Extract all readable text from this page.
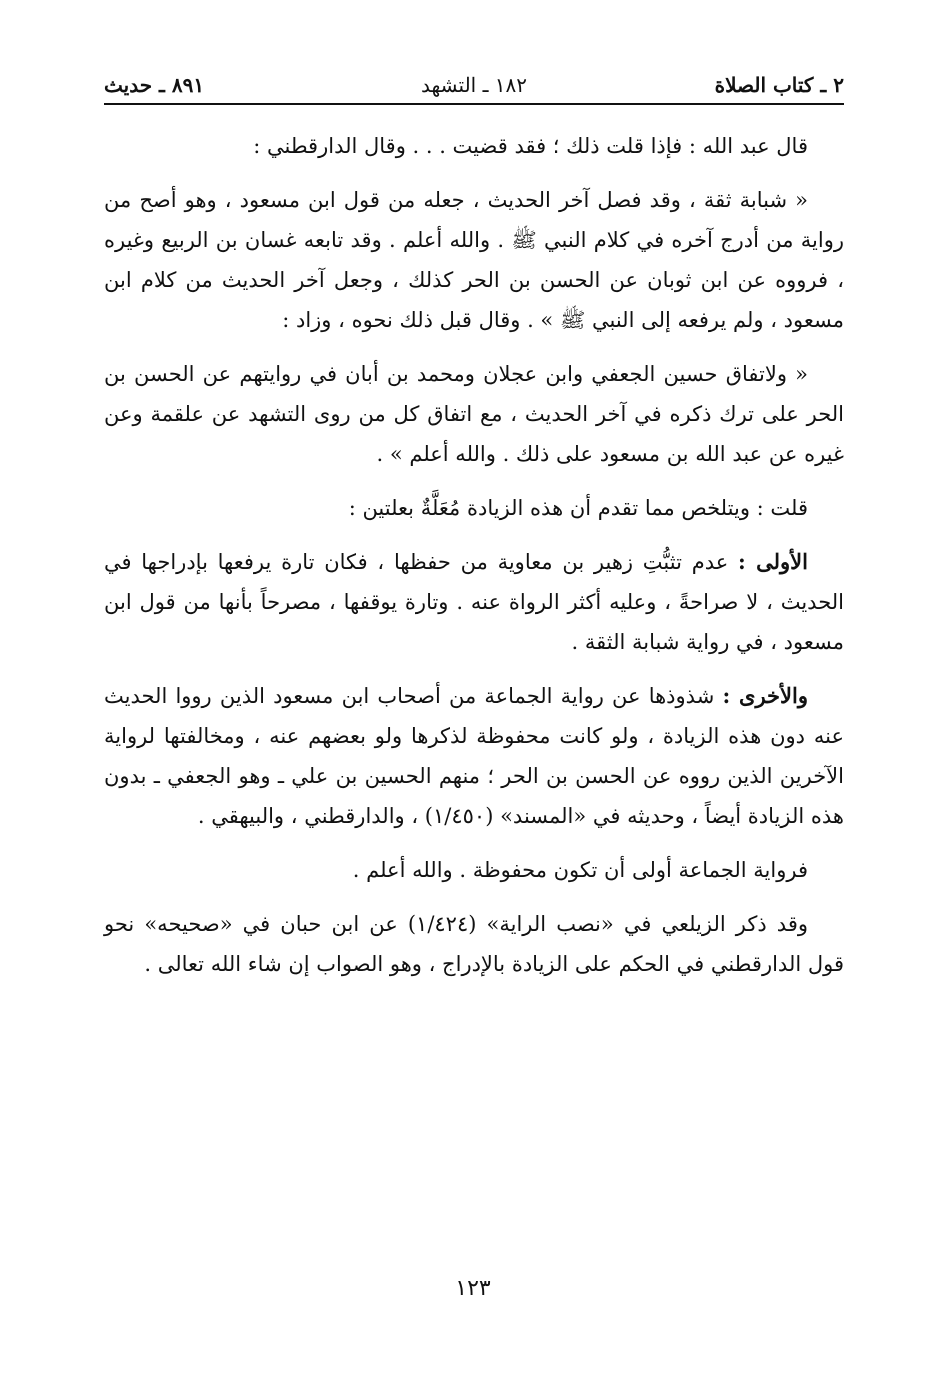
٢ ـ كتاب الصلاة
١٨٢ ـ التشهد
٨٩١ ـ حديث

قال عبد الله : فإذا قلت ذلك ؛ فقد قضيت . . . وقال الدارقطني :

« شبابة ثقة ، وقد فصل آخر الحديث ، جعله من قول ابن مسعود ، وهو أصح من رواية من أدرج آخره في كلام النبي ﷺ . والله أعلم . وقد تابعه غسان بن الربيع وغيره ، فرووه عن ابن ثوبان عن الحسن بن الحر كذلك ، وجعل آخر الحديث من كلام ابن مسعود ، ولم يرفعه إلى النبي ﷺ » . وقال قبل ذلك نحوه ، وزاد :

« ولاتفاق حسين الجعفي وابن عجلان ومحمد بن أبان في روايتهم عن الحسن بن الحر على ترك ذكره في آخر الحديث ، مع اتفاق كل من روى التشهد عن علقمة وعن غيره عن عبد الله بن مسعود على ذلك . والله أعلم » .

قلت : ويتلخص مما تقدم أن هذه الزيادة مُعَلَّةٌ بعلتين :

الأولى : عدم تثبُّتِ زهير بن معاوية من حفظها ، فكان تارة يرفعها بإدراجها في الحديث ، لا صراحةً ، وعليه أكثر الرواة عنه . وتارة يوقفها ، مصرحاً بأنها من قول ابن مسعود ، في رواية شبابة الثقة .

والأخرى : شذوذها عن رواية الجماعة من أصحاب ابن مسعود الذين رووا الحديث عنه دون هذه الزيادة ، ولو كانت محفوظة لذكرها ولو بعضهم عنه ، ومخالفتها لرواية الآخرين الذين رووه عن الحسن بن الحر ؛ منهم الحسين بن علي ـ وهو الجعفي ـ بدون هذه الزيادة أيضاً ، وحديثه في «المسند» (١/٤٥٠) ، والدارقطني ، والبيهقي .

فرواية الجماعة أولى أن تكون محفوظة . والله أعلم .

وقد ذكر الزيلعي في «نصب الراية» (١/٤٢٤) عن ابن حبان في «صحيحه» نحو قول الدارقطني في الحكم على الزيادة بالإدراج ، وهو الصواب إن شاء الله تعالى .

١٢٣
